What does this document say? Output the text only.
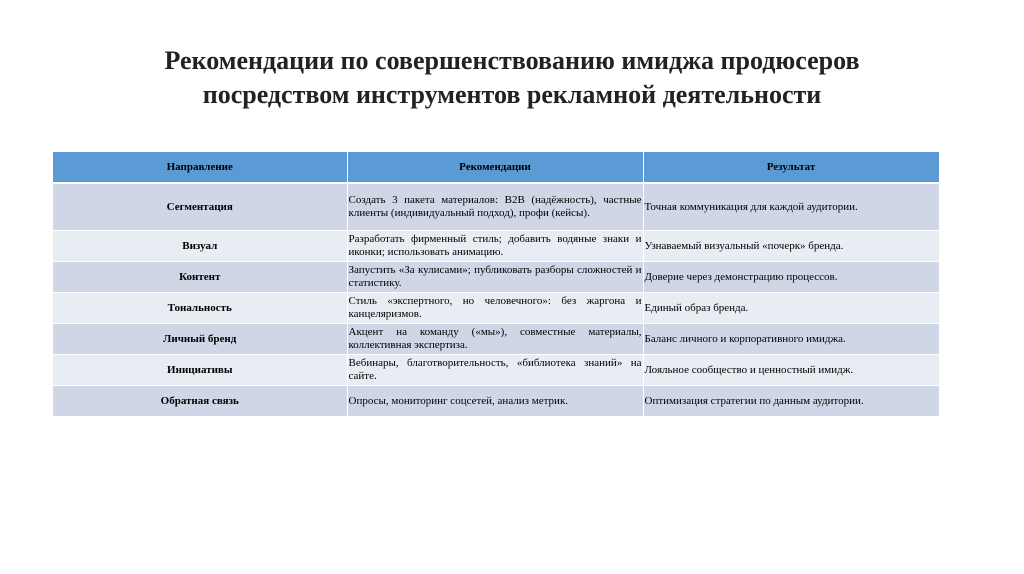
Рекомендации по совершенствованию имиджа продюсеров
посредством инструментов рекламной деятельности
Направление	Рекомендации	Результат
Сегментация	Создать 3 пакета материалов: B2B (надёжность), частные клиенты (индивидуальный подход), профи (кейсы).	Точная коммуникация для каждой аудитории.
Визуал	Разработать фирменный стиль; добавить водяные знаки и иконки; использовать анимацию.	Узнаваемый визуальный «почерк» бренда.
Контент	Запустить «За кулисами»; публиковать разборы сложностей и статистику.	Доверие через демонстрацию процессов.
Тональность	Стиль «экспертного, но человечного»: без жаргона и канцеляризмов.	Единый образ бренда.
Личный бренд	Акцент на команду («мы»), совместные материалы, коллективная экспертиза.	Баланс личного и корпоративного имиджа.
Инициативы	Вебинары, благотворительность, «библиотека знаний» на сайте.	Лояльное сообщество и ценностный имидж.
Обратная связь	Опросы, мониторинг соцсетей, анализ метрик.	Оптимизация стратегии по данным аудитории.
